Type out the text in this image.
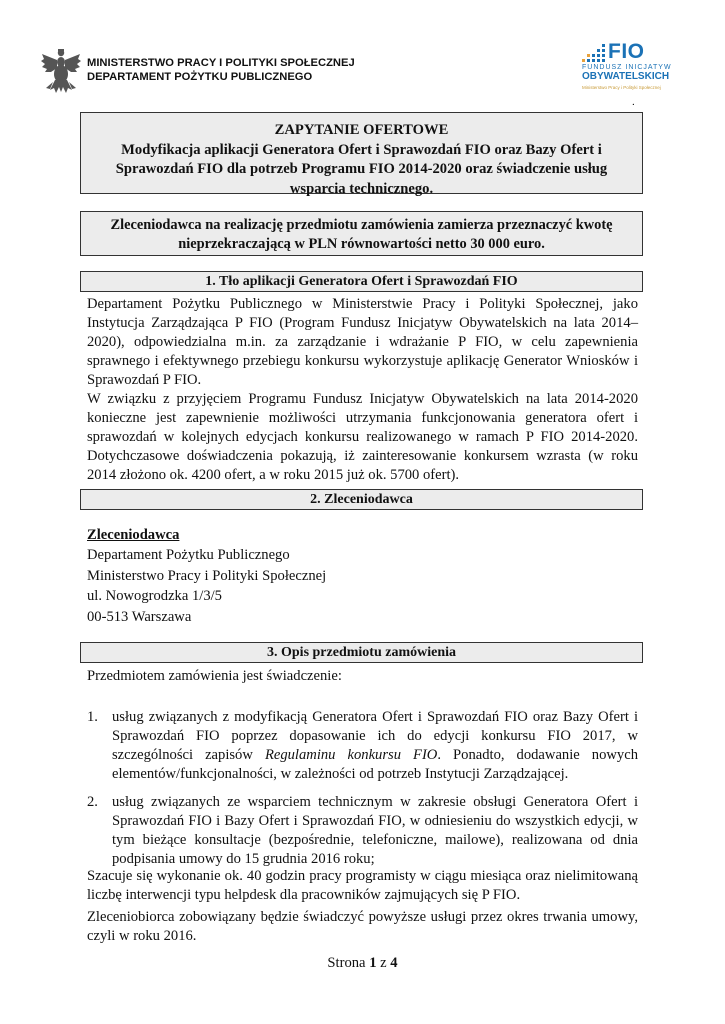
MINISTERSTWO PRACY I POLITYKI SPOŁECZNEJ
DEPARTAMENT POŻYTKU PUBLICZNEGO
FIO
FUNDUSZ INICJATYW
OBYWATELSKICH
Ministerstwo Pracy i Polityki Społecznej
.
ZAPYTANIE OFERTOWE
Modyfikacja aplikacji Generatora Ofert i Sprawozdań FIO oraz Bazy Ofert i
Sprawozdań FIO dla potrzeb Programu FIO 2014-2020 oraz świadczenie usług
wsparcia technicznego.
Zleceniodawca na realizację przedmiotu zamówienia zamierza przeznaczyć kwotę
nieprzekraczającą w PLN równowartości netto 30 000 euro.
1. Tło aplikacji Generatora Ofert i Sprawozdań FIO
Departament Pożytku Publicznego w Ministerstwie Pracy i Polityki Społecznej, jako Instytucja Zarządzająca P FIO (Program Fundusz Inicjatyw Obywatelskich na lata 2014–2020), odpowiedzialna m.in. za zarządzanie i wdrażanie P FIO, w celu zapewnienia sprawnego i efektywnego przebiegu konkursu wykorzystuje aplikację Generator Wniosków i Sprawozdań P FIO.
W związku z przyjęciem Programu Fundusz Inicjatyw Obywatelskich na lata 2014-2020 konieczne jest zapewnienie możliwości utrzymania funkcjonowania generatora ofert i sprawozdań w kolejnych edycjach konkursu realizowanego w ramach P FIO 2014-2020. Dotychczasowe doświadczenia pokazują, iż zainteresowanie konkursem wzrasta (w roku 2014 złożono ok. 4200 ofert, a w roku 2015 już ok. 5700 ofert).
2. Zleceniodawca
Zleceniodawca
Departament Pożytku Publicznego
Ministerstwo Pracy i Polityki Społecznej
ul. Nowogrodzka 1/3/5
00-513 Warszawa
3. Opis przedmiotu zamówienia
Przedmiotem zamówienia jest świadczenie:
1. usług związanych z modyfikacją Generatora Ofert i Sprawozdań FIO oraz Bazy Ofert i Sprawozdań FIO poprzez dopasowanie ich do edycji konkursu FIO 2017, w szczególności zapisów Regulaminu konkursu FIO. Ponadto, dodawanie nowych elementów/funkcjonalności, w zależności od potrzeb Instytucji Zarządzającej.
2. usług związanych ze wsparciem technicznym w zakresie obsługi Generatora Ofert i Sprawozdań FIO i Bazy Ofert i Sprawozdań FIO, w odniesieniu do wszystkich edycji, w tym bieżące konsultacje (bezpośrednie, telefoniczne, mailowe), realizowana od dnia podpisania umowy do 15 grudnia 2016 roku;
Szacuje się wykonanie ok. 40 godzin pracy programisty w ciągu miesiąca oraz nielimitowaną liczbę interwencji typu helpdesk dla pracowników zajmujących się P FIO.
Zleceniobiorca zobowiązany będzie świadczyć powyższe usługi przez okres trwania umowy, czyli w roku 2016.
Strona 1 z 4
